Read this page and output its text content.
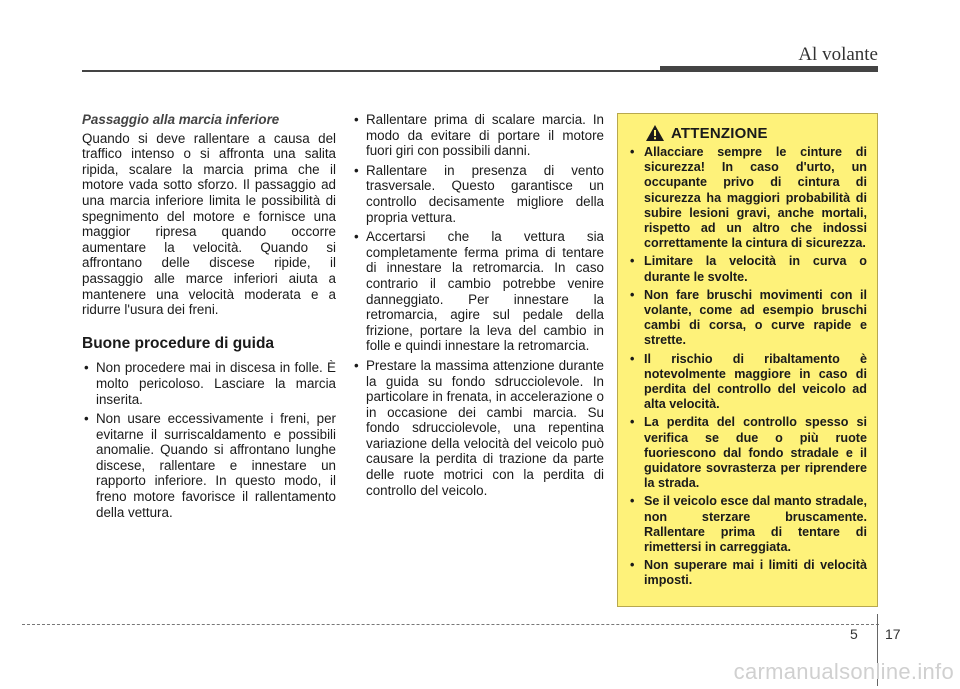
Al volante
Passaggio alla marcia inferiore

Quando si deve rallentare a causa del traffico intenso o si affronta una salita ripida, scalare la marcia prima che il motore vada sotto sforzo. Il passaggio ad una marcia inferiore limita le possibilità di spegnimento del motore e fornisce una maggior ripresa quando occorre aumentare la velocità. Quando si affrontano delle discese ripide, il passaggio alle marce inferiori aiuta a mantenere una velocità moderata e a ridurre l'usura dei freni.

Buone procedure di guida
• Non procedere mai in discesa in folle. È molto pericoloso. Lasciare la marcia inserita.
• Non usare eccessivamente i freni, per evitarne il surriscaldamento e possibili anomalie. Quando si affrontano lunghe discese, rallentare e innestare un rapporto inferiore. In questo modo, il freno motore favorisce il rallentamento della vettura.
• Rallentare prima di scalare marcia. In modo da evitare di portare il motore fuori giri con possibili danni.
• Rallentare in presenza di vento trasversale. Questo garantisce un controllo decisamente migliore della propria vettura.
• Accertarsi che la vettura sia completamente ferma prima di tentare di innestare la retromarcia. In caso contrario il cambio potrebbe venire danneggiato. Per innestare la retromarcia, agire sul pedale della frizione, portare la leva del cambio in folle e quindi innestare la retromarcia.
• Prestare la massima attenzione durante la guida su fondo sdrucciolevole. In particolare in frenata, in accelerazione o in occasione dei cambi marcia. Su fondo sdrucciolevole, una repentina variazione della velocità del veicolo può causare la perdita di trazione da parte delle ruote motrici con la perdita di controllo del veicolo.
ATTENZIONE
• Allacciare sempre le cinture di sicurezza! In caso d'urto, un occupante privo di cintura di sicurezza ha maggiori probabilità di subire lesioni gravi, anche mortali, rispetto ad un altro che indossi correttamente la cintura di sicurezza.
• Limitare la velocità in curva o durante le svolte.
• Non fare bruschi movimenti con il volante, come ad esempio bruschi cambi di corsa, o curve rapide e strette.
• Il rischio di ribaltamento è notevolmente maggiore in caso di perdita del controllo del veicolo ad alta velocità.
• La perdita del controllo spesso si verifica se due o più ruote fuoriescono dal fondo stradale e il guidatore sovrasterza per riprendere la strada.
• Se il veicolo esce dal manto stradale, non sterzare bruscamente. Rallentare prima di tentare di rimettersi in carreggiata.
• Non superare mai i limiti di velocità imposti.
5 17
carmanualsonline.info
